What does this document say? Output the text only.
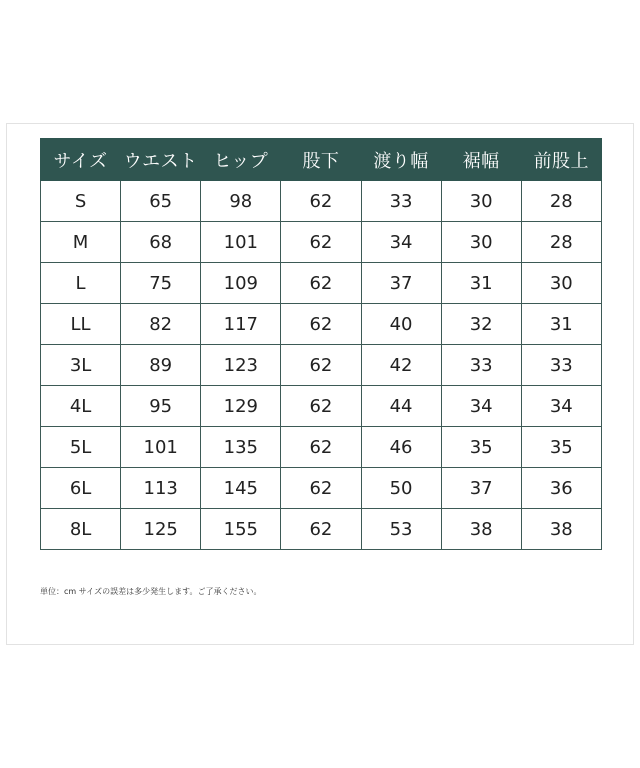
サイズ	ウエスト	ヒップ	股下	渡り幅	裾幅	前股上
S	65	98	62	33	30	28
M	68	101	62	34	30	28
L	75	109	62	37	31	30
LL	82	117	62	40	32	31
3L	89	123	62	42	33	33
4L	95	129	62	44	34	34
5L	101	135	62	46	35	35
6L	113	145	62	50	37	36
8L	125	155	62	53	38	38
単位：cm サイズの誤差は多少発生します。ご了承ください。
